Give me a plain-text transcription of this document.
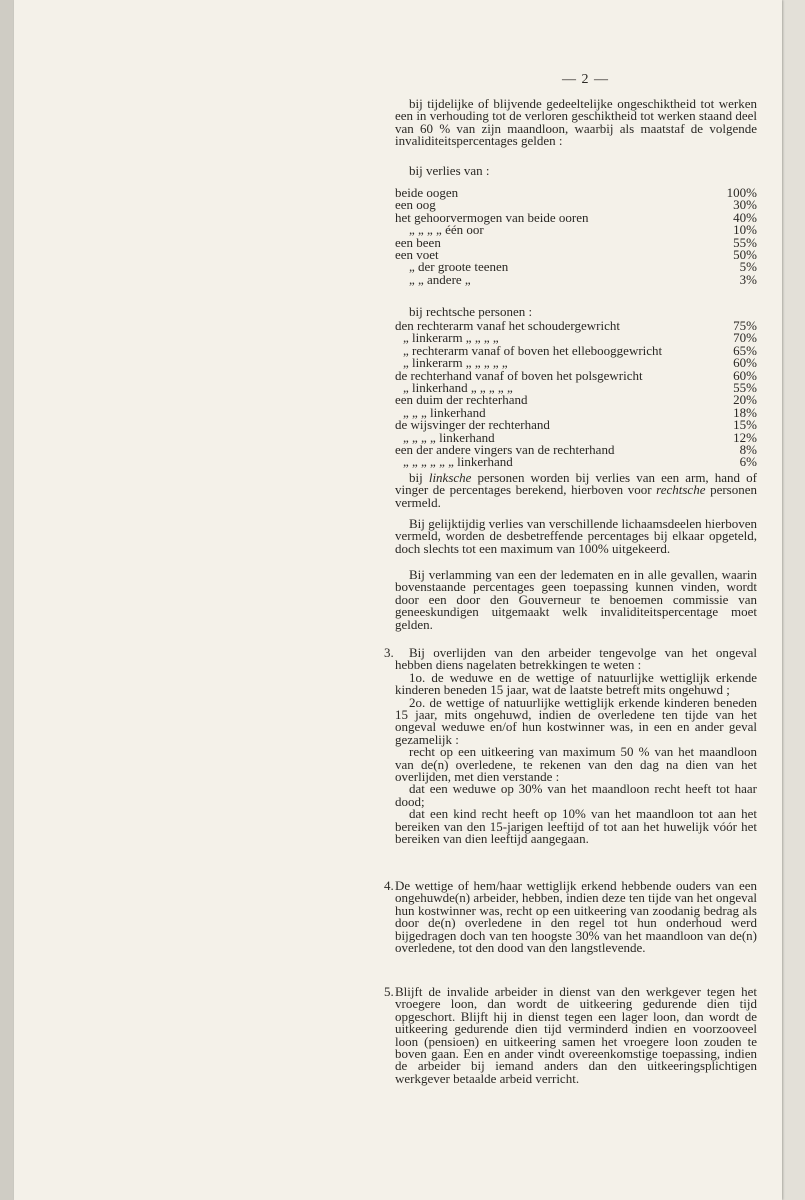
— 2 —

bij tijdelijke of blijvende gedeeltelijke ongeschiktheid tot werken een in verhouding tot de verloren geschiktheid tot werken staand deel van 60 % van zijn maandloon, waarbij als maatstaf de volgende invaliditeitspercentages gelden :

bij verlies van :

beide oogen	100%
een oog	30%
het gehoorvermogen van beide ooren	40%
„ „ „ „ één oor	10%
een been	55%
een voet	50%
„ der groote teenen	5%
„ „ andere „	3%

bij rechtsche personen :

den rechterarm vanaf het schoudergewricht	75%
„ linkerarm „ „ „ „	70%
„ rechterarm vanaf of boven het ellebooggewricht	65%
„ linkerarm „ „ „ „ „	60%
de rechterhand vanaf of boven het polsgewricht	60%
„ linkerhand „ „ „ „ „	55%
een duim der rechterhand	20%
„ „ „ linkerhand	18%
de wijsvinger der rechterhand	15%
„ „ „ „ linkerhand	12%
een der andere vingers van de rechterhand	8%
„ „ „ „ „ „ linkerhand	6%

bij linksche personen worden bij verlies van een arm, hand of vinger de percentages berekend, hierboven voor rechtsche personen vermeld.

Bij gelijktijdig verlies van verschillende lichaamsdeelen hierboven vermeld, worden de desbetreffende percentages bij elkaar opgeteld, doch slechts tot een maximum van 100% uitgekeerd.

Bij verlamming van een der ledematen en in alle gevallen, waarin bovenstaande percentages geen toepassing kunnen vinden, wordt door een door den Gouverneur te benoemen commissie van geneeskundigen uitgemaakt welk invaliditeitspercentage moet gelden.

3.	Bij overlijden van den arbeider tengevolge van het ongeval hebben diens nagelaten betrekkingen te weten :

1o. de weduwe en de wettige of natuurlijke wettiglijk erkende kinderen beneden 15 jaar, wat de laatste betreft mits ongehuwd ;

2o. de wettige of natuurlijke wettiglijk erkende kinderen beneden 15 jaar, mits ongehuwd, indien de overledene ten tijde van het ongeval weduwe en/of hun kostwinner was, in een en ander geval gezamelijk :

recht op een uitkeering van maximum 50 % van het maandloon van de(n) overledene, te rekenen van den dag na dien van het overlijden, met dien verstande :

dat een weduwe op 30% van het maandloon recht heeft tot haar dood;

dat een kind recht heeft op 10% van het maandloon tot aan het bereiken van den 15-jarigen leeftijd of tot aan het huwelijk vóór het bereiken van dien leeftijd aangegaan.

4. De wettige of hem/haar wettiglijk erkend hebbende ouders van een ongehuwde(n) arbeider, hebben, indien deze ten tijde van het ongeval hun kostwinner was, recht op een uitkeering van zoodanig bedrag als door de(n) overledene in den regel tot hun onderhoud werd bijgedragen doch van ten hoogste 30% van het maandloon van de(n) overledene, tot den dood van den langstlevende.

5. Blijft de invalide arbeider in dienst van den werkgever tegen het vroegere loon, dan wordt de uitkeering gedurende dien tijd opgeschort. Blijft hij in dienst tegen een lager loon, dan wordt de uitkeering gedurende dien tijd verminderd indien en voorzooveel loon (pensioen) en uitkeering samen het vroegere loon zouden te boven gaan. Een en ander vindt overeenkomstige toepassing, indien de arbeider bij iemand anders dan den uitkeeringsplichtigen werkgever betaalde arbeid verricht.
